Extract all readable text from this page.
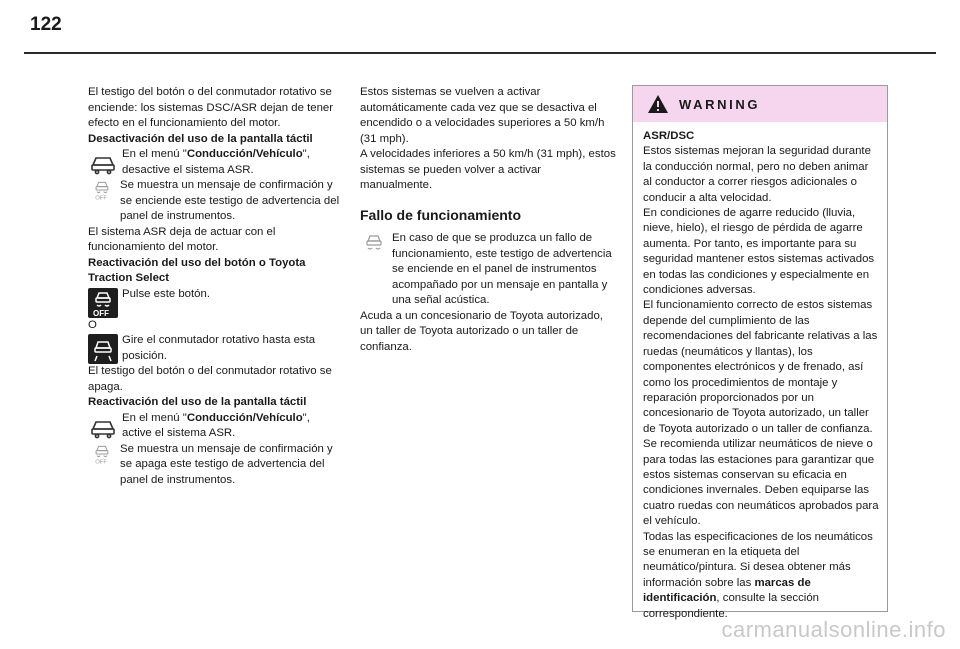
122

El testigo del botón o del conmutador rotativo se enciende: los sistemas DSC/ASR dejan de tener efecto en el funcionamiento del motor.

Desactivación del uso de la pantalla táctil

En el menú "Conducción/Vehículo", desactive el sistema ASR.

OFF

Se muestra un mensaje de confirmación y se enciende este testigo de advertencia del panel de instrumentos.

El sistema ASR deja de actuar con el funcionamiento del motor.

Reactivación del uso del botón o Toyota Traction Select

OFF

Pulse este botón.

O

Gire el conmutador rotativo hasta esta posición.

El testigo del botón o del conmutador rotativo se apaga.

Reactivación del uso de la pantalla táctil

En el menú "Conducción/Vehículo", active el sistema ASR.

OFF

Se muestra un mensaje de confirmación y se apaga este testigo de advertencia del panel de instrumentos.

Estos sistemas se vuelven a activar automáticamente cada vez que se desactiva el encendido o a velocidades superiores a 50 km/h (31 mph).

A velocidades inferiores a 50 km/h (31 mph), estos sistemas se pueden volver a activar manualmente.

Fallo de funcionamiento

En caso de que se produzca un fallo de funcionamiento, este testigo de advertencia se enciende en el panel de instrumentos acompañado por un mensaje en pantalla y una señal acústica.

Acuda a un concesionario de Toyota autorizado, un taller de Toyota autorizado o un taller de confianza.

WARNING

ASR/DSC

Estos sistemas mejoran la seguridad durante la conducción normal, pero no deben animar al conductor a correr riesgos adicionales o conducir a alta velocidad.

En condiciones de agarre reducido (lluvia, nieve, hielo), el riesgo de pérdida de agarre aumenta. Por tanto, es importante para su seguridad mantener estos sistemas activados en todas las condiciones y especialmente en condiciones adversas.

El funcionamiento correcto de estos sistemas depende del cumplimiento de las recomendaciones del fabricante relativas a las ruedas (neumáticos y llantas), los componentes electrónicos y de frenado, así como los procedimientos de montaje y reparación proporcionados por un concesionario de Toyota autorizado, un taller de Toyota autorizado o un taller de confianza.

Se recomienda utilizar neumáticos de nieve o para todas las estaciones para garantizar que estos sistemas conservan su eficacia en condiciones invernales. Deben equiparse las cuatro ruedas con neumáticos aprobados para el vehículo.

Todas las especificaciones de los neumáticos se enumeran en la etiqueta del neumático/pintura. Si desea obtener más información sobre las marcas de identificación, consulte la sección correspondiente.

carmanualsonline.info
